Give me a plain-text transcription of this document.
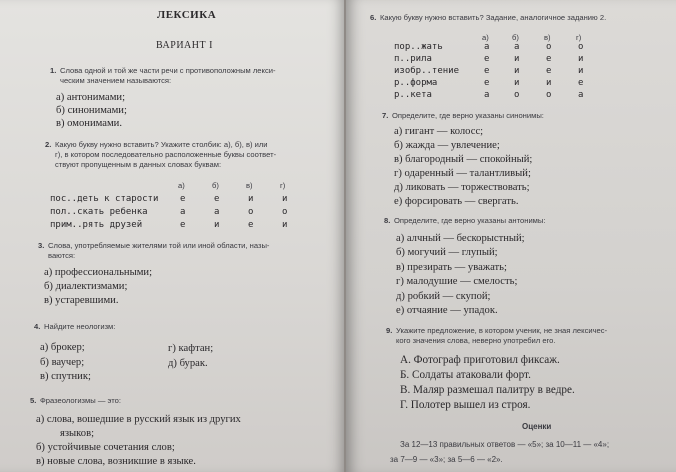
ЛЕКСИКА
ВАРИАНТ I
1. Слова одной и той же части речи с противоположным лекси-
ческим значением называются:
а) антонимами;
б) синонимами;
в) омонимами.
2. Какую букву нужно вставить? Укажите столбик: а), б), в) или
г), в котором последовательно расположенные буквы соответ-
ствуют пропущенным в данных словах буквам:
а)	б)	в)	г)
пос..деть к старости е	е	и	и
пол..скать ребенка	а	а	о	о
прим..рять друзей	е	и	е	и
3. Слова, употребляемые жителями той или иной области, назы-
ваются:
а) профессиональными;
б) диалектизмами;
в) устаревшими.
4. Найдите неологизм:
а) брокер;
б) ваучер;
в) спутник;
г) кафтан;
д) бурак.
5. Фразеологизмы — это:
а) слова, вошедшие в русский язык из других
языков;
б) устойчивые сочетания слов;
в) новые слова, возникшие в языке.
6. Какую букву нужно вставить? Задание, аналогичное заданию 2.
а)	б)	в)	г)
пор..жать	а	а	о	о
п..рила	е	и	е	и
изобр..тение	е	и	е	и
р..форма	е	и	и	е
р..кета	а	о	о	а
7. Определите, где верно указаны синонимы:
а) гигант — колосс;
б) жажда — увлечение;
в) благородный — спокойный;
г) одаренный — талантливый;
д) ликовать — торжествовать;
е) форсировать — свергать.
8. Определите, где верно указаны антонимы:
а) алчный — бескорыстный;
б) могучий — глупый;
в) презирать — уважать;
г) малодушие — смелость;
д) робкий — скупой;
е) отчаяние — упадок.
9. Укажите предложение, в котором ученик, не зная лексичес-
кого значения слова, неверно употребил его.
А. Фотограф приготовил фиксаж.
Б. Солдаты атаковали форт.
В. Маляр размешал палитру в ведре.
Г. Полотер вышел из строя.
Оценки
За 12—13 правильных ответов — «5»; за 10—11 — «4»;
за 7—9 — «3»; за 5—6 — «2».
